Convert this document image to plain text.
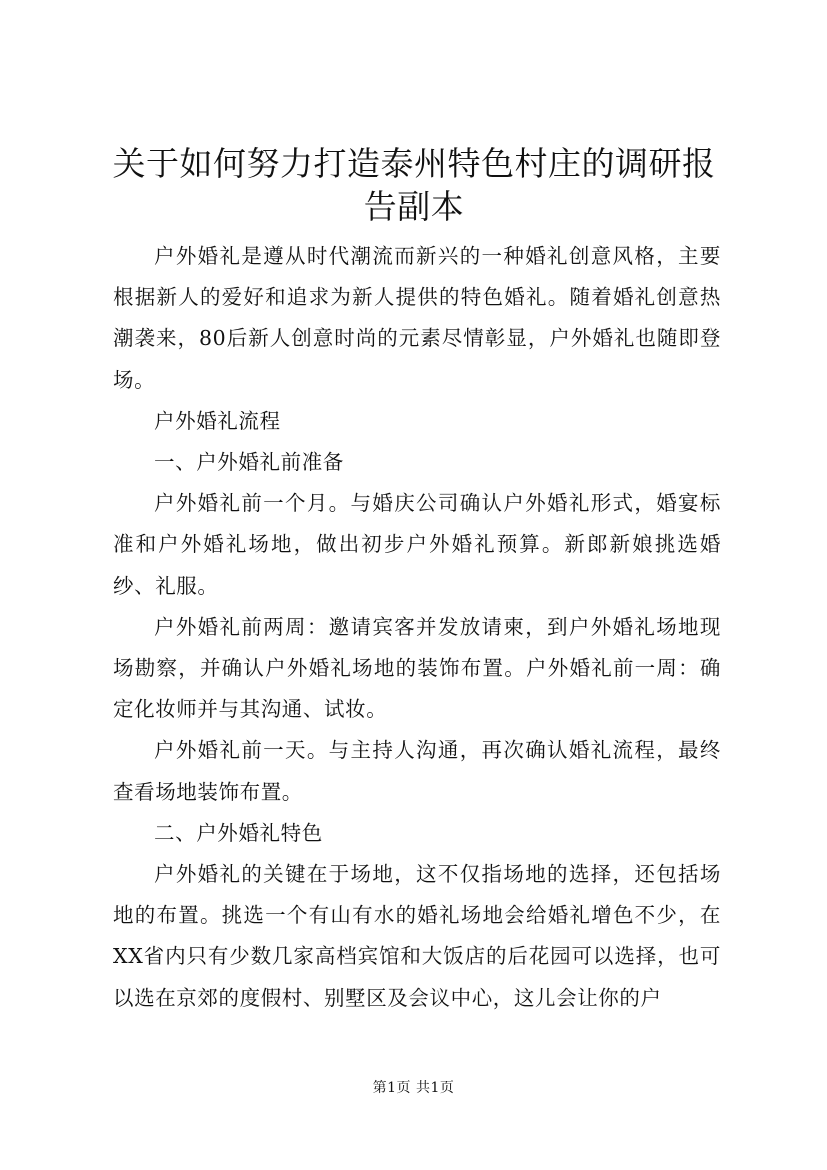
关于如何努力打造泰州特色村庄的调研报告副本

户外婚礼是遵从时代潮流而新兴的一种婚礼创意风格，主要根据新人的爱好和追求为新人提供的特色婚礼。随着婚礼创意热潮袭来，80后新人创意时尚的元素尽情彰显，户外婚礼也随即登场。

户外婚礼流程

一、户外婚礼前准备

户外婚礼前一个月。与婚庆公司确认户外婚礼形式，婚宴标准和户外婚礼场地，做出初步户外婚礼预算。新郎新娘挑选婚纱、礼服。

户外婚礼前两周：邀请宾客并发放请柬，到户外婚礼场地现场勘察，并确认户外婚礼场地的装饰布置。户外婚礼前一周：确定化妆师并与其沟通、试妆。

户外婚礼前一天。与主持人沟通，再次确认婚礼流程，最终查看场地装饰布置。

二、户外婚礼特色

户外婚礼的关键在于场地，这不仅指场地的选择，还包括场地的布置。挑选一个有山有水的婚礼场地会给婚礼增色不少，在XX省内只有少数几家高档宾馆和大饭店的后花园可以选择，也可以选在京郊的度假村、别墅区及会议中心，这儿会让你的户

第1页 共1页
